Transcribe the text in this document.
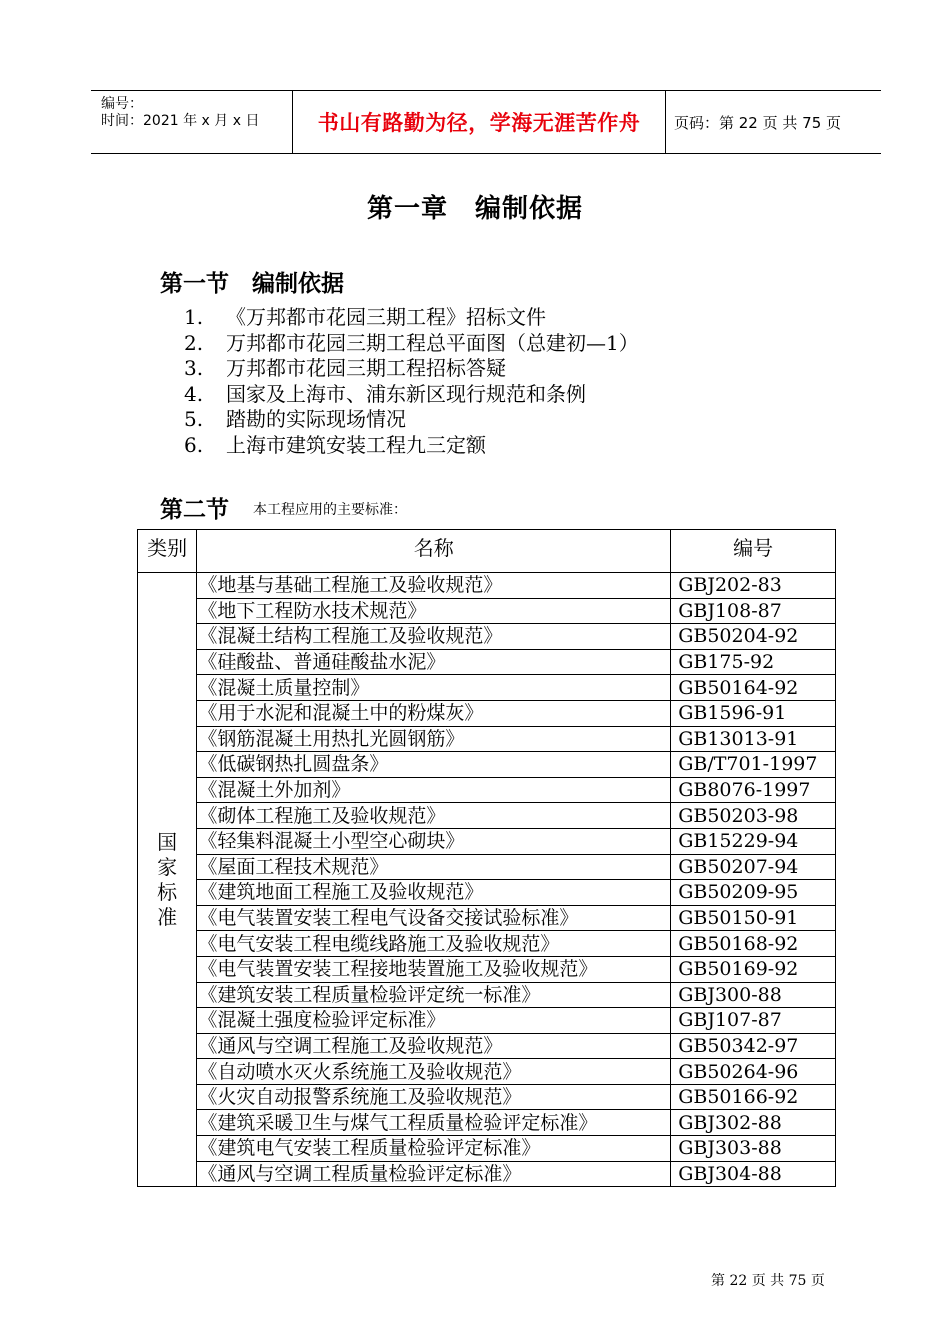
编号：
时间：2021 年 x 月 x 日	书山有路勤为径，学海无涯苦作舟 页码：第 22 页 共 75 页
第一章　编制依据
第一节　编制依据
1. 《万邦都市花园三期工程》招标文件
2. 万邦都市花园三期工程总平面图（总建初—1）
3. 万邦都市花园三期工程招标答疑
4. 国家及上海市、浦东新区现行规范和条例
5. 踏勘的实际现场情况
6. 上海市建筑安装工程九三定额
第二节 本工程应用的主要标准：
类别	名称	编号
国
家
标
准	《地基与基础工程施工及验收规范》	GBJ202-83
	《地下工程防水技术规范》	GBJ108-87
	《混凝土结构工程施工及验收规范》	GB50204-92
	《硅酸盐、普通硅酸盐水泥》	GB175-92
	《混凝土质量控制》	GB50164-92
	《用于水泥和混凝土中的粉煤灰》	GB1596-91
	《钢筋混凝土用热扎光圆钢筋》	GB13013-91
	《低碳钢热扎圆盘条》	GB/T701-1997
	《混凝土外加剂》	GB8076-1997
	《砌体工程施工及验收规范》	GB50203-98
	《轻集料混凝土小型空心砌块》	GB15229-94
	《屋面工程技术规范》	GB50207-94
	《建筑地面工程施工及验收规范》	GB50209-95
	《电气装置安装工程电气设备交接试验标准》	GB50150-91
	《电气安装工程电缆线路施工及验收规范》	GB50168-92
	《电气装置安装工程接地装置施工及验收规范》	GB50169-92
	《建筑安装工程质量检验评定统一标准》	GBJ300-88
	《混凝土强度检验评定标准》	GBJ107-87
	《通风与空调工程施工及验收规范》	GB50342-97
	《自动喷水灭火系统施工及验收规范》	GB50264-96
	《火灾自动报警系统施工及验收规范》	GB50166-92
	《建筑采暖卫生与煤气工程质量检验评定标准》	GBJ302-88
	《建筑电气安装工程质量检验评定标准》	GBJ303-88
	《通风与空调工程质量检验评定标准》	GBJ304-88
第 22 页 共 75 页
